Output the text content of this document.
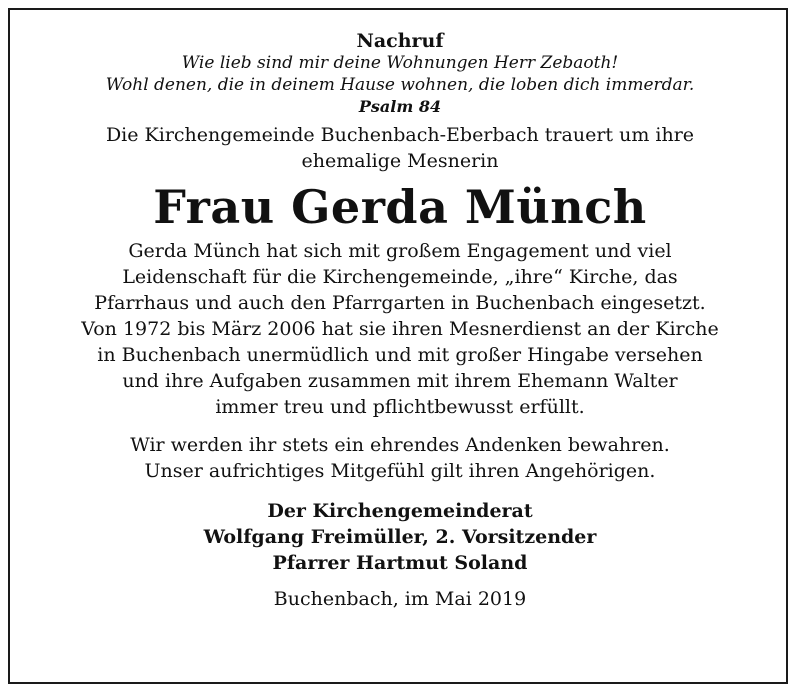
Nachruf
Wie lieb sind mir deine Wohnungen Herr Zebaoth!
Wohl denen, die in deinem Hause wohnen, die loben dich immerdar.
Psalm 84
Die Kirchengemeinde Buchenbach-Eberbach trauert um ihre
ehemalige Mesnerin
Frau Gerda Münch
Gerda Münch hat sich mit großem Engagement und viel
Leidenschaft für die Kirchengemeinde, „ihre“ Kirche, das
Pfarrhaus und auch den Pfarrgarten in Buchenbach eingesetzt.
Von 1972 bis März 2006 hat sie ihren Mesnerdienst an der Kirche
in Buchenbach unermüdlich und mit großer Hingabe versehen
und ihre Aufgaben zusammen mit ihrem Ehemann Walter
immer treu und pflichtbewusst erfüllt.
Wir werden ihr stets ein ehrendes Andenken bewahren.
Unser aufrichtiges Mitgefühl gilt ihren Angehörigen.
Der Kirchengemeinderat
Wolfgang Freimüller, 2. Vorsitzender
Pfarrer Hartmut Soland
Buchenbach, im Mai 2019
